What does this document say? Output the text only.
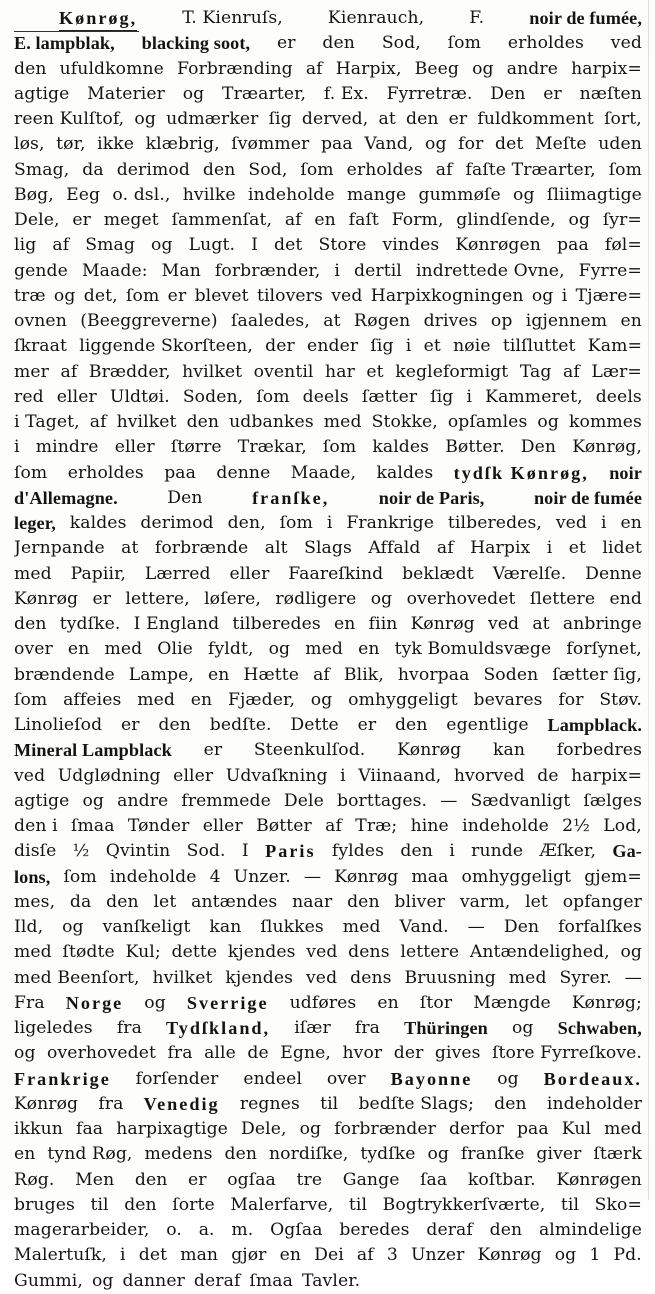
Kønrøg,	T. Kienruſs,	Kienrauch,	F. noir de fumée,
E. lampblak, blacking soot, er den Sod, ſom erholdes ved
den ufuldkomne Forbrænding af Harpix, Beeg og andre harpix=
agtige Materier og Træarter, f. Ex. Fyrretræ. Den er næſten
reen Kulſtof, og udmærker ſig derved, at den er fuldkomment ſort,
løs, tør, ikke klæbrig, ſvømmer paa Vand, og for det Meſte uden
Smag, da derimod den Sod, ſom erholdes af faſte Træarter, ſom
Bøg, Eeg o. dsl., hvilke indeholde mange gummøſe og ſliimagtige
Dele, er meget ſammenſat, af en faſt Form, glindſende, og ſyr=
lig af Smag og Lugt. I det Store vindes Kønrøgen paa føl=
gende Maade: Man forbrænder, i dertil indrettede Ovne, Fyrre=
træ og det, ſom er blevet tilovers ved Harpixkogningen og i Tjære=
ovnen (Beeggreverne) ſaaledes, at Røgen drives op igjennem en
ſkraat liggende Skorſteen, der ender ſig i et nøie tilſluttet Kam=
mer af Brædder, hvilket oventil har et kegleformigt Tag af Lær=
red eller Uldtøi. Soden, ſom deels ſætter ſig i Kammeret, deels
i Taget, af hvilket den udbankes med Stokke, opſamles og kommes
i mindre eller ſtørre Trækar, ſom kaldes Bøtter. Den Kønrøg,
ſom erholdes paa denne Maade, kaldes tydſk Kønrøg, noir
d'Allemagne.	Den	franſke,	noir de Paris,	noir de fumée
leger, kaldes derimod den, ſom i Frankrige tilberedes, ved i en
Jernpande at forbrænde alt Slags Affald af Harpix i et lidet
med Papiir, Lærred eller Faareſkind beklædt Værelſe. Denne
Kønrøg er lettere, løſere, rødligere og overhovedet ſlettere end
den tydſke. I England tilberedes en fiin Kønrøg ved at anbringe
over en med Olie fyldt, og med en tyk Bomuldsvæge forſynet,
brændende Lampe, en Hætte af Blik, hvorpaa Soden ſætter ſig,
ſom affeies med en Fjæder, og omhyggeligt bevares for Støv.
Linolieſod er den bedſte. Dette er den egentlige Lampblack.
Mineral Lampblack er Steenkulſod. Kønrøg kan forbedres
ved Udglødning eller Udvaſkning i Viinaand, hvorved de harpix=
agtige og andre fremmede Dele borttages. — Sædvanligt ſælges
den i ſmaa Tønder eller Bøtter af Træ; hine indeholde 2½ Lod,
disſe ½ Qvintin Sod. I Paris fyldes den i runde Æſker, Ga-
lons, ſom indeholde 4 Unzer. — Kønrøg maa omhyggeligt gjem=
mes, da den let antændes naar den bliver varm, let opfanger
Ild, og vanſkeligt kan ſlukkes med Vand. — Den forfalſkes
med ſtødte Kul; dette kjendes ved dens lettere Antændelighed, og
med Beenſort, hvilket kjendes ved dens Bruusning med Syrer. —
Fra Norge og Sverrige udføres en ſtor Mængde Kønrøg;
ligeledes fra Tydſkland, iſær fra Thüringen og Schwaben,
og overhovedet fra alle de Egne, hvor der gives ſtore Fyrreſkove.
Frankrige forſender endeel over Bayonne og Bordeaux.
Kønrøg fra Venedig regnes til bedſte Slags; den indeholder
ikkun faa harpixagtige Dele, og forbrænder derfor paa Kul med
en tynd Røg, medens den nordiſke, tydſke og franſke giver ſtærk
Røg. Men den er ogſaa tre Gange ſaa koſtbar. Kønrøgen
bruges til den ſorte Malerfarve, til Bogtrykkerſværte, til Sko=
magerarbeider, o. a. m. Ogſaa beredes deraf den almindelige
Malertuſk, i det man gjør en Dei af 3 Unzer Kønrøg og 1 Pd.
Gummi, og danner deraf ſmaa Tavler.
